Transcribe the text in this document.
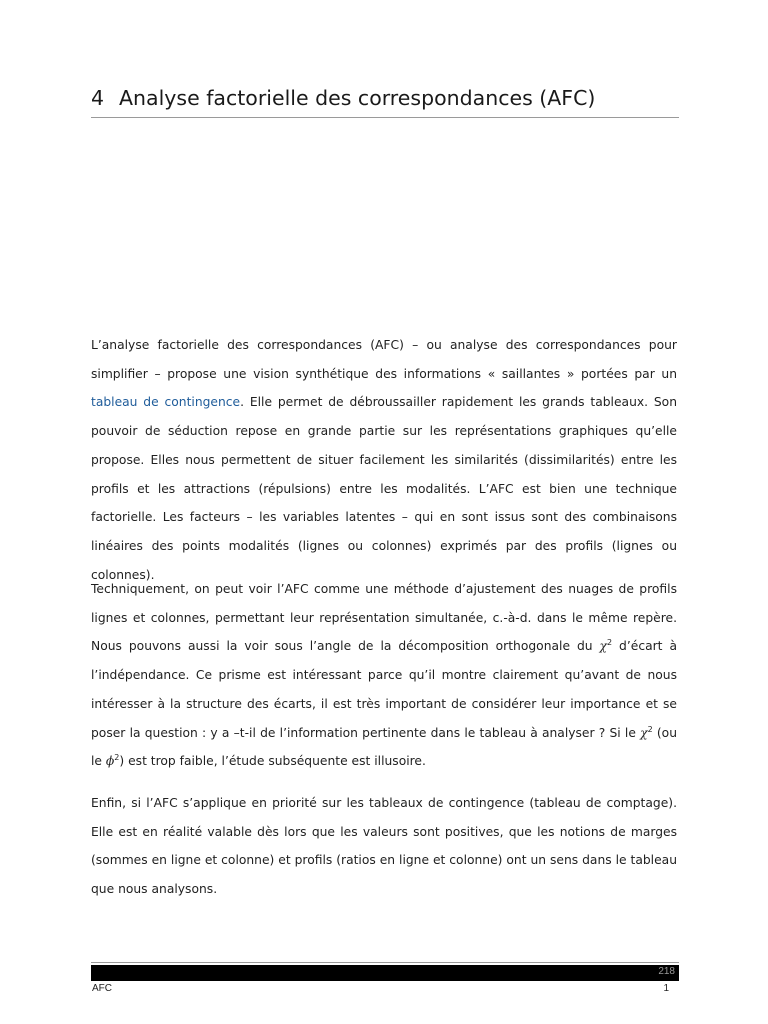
4 Analyse factorielle des correspondances (AFC)

L’analyse factorielle des correspondances (AFC) – ou analyse des correspondances pour simplifier – propose une vision synthétique des informations « saillantes » portées par un tableau de contingence. Elle permet de débroussailler rapidement les grands tableaux. Son pouvoir de séduction repose en grande partie sur les représentations graphiques qu’elle propose. Elles nous permettent de situer facilement les similarités (dissimilarités) entre les profils et les attractions (répulsions) entre les modalités. L’AFC est bien une technique factorielle. Les facteurs – les variables latentes – qui en sont issus sont des combinaisons linéaires des points modalités (lignes ou colonnes) exprimés par des profils (lignes ou colonnes).

Techniquement, on peut voir l’AFC comme une méthode d’ajustement des nuages de profils lignes et colonnes, permettant leur représentation simultanée, c.-à-d. dans le même repère. Nous pouvons aussi la voir sous l’angle de la décomposition orthogonale du $\chi^2$ d’écart à l’indépendance. Ce prisme est intéressant parce qu’il montre clairement qu’avant de nous intéresser à la structure des écarts, il est très important de considérer leur importance et se poser la question : y a –t-il de l’information pertinente dans le tableau à analyser ? Si le $\chi^2$ (ou le $\phi^2$) est trop faible, l’étude subséquente est illusoire.

Enfin, si l’AFC s’applique en priorité sur les tableaux de contingence (tableau de comptage). Elle est en réalité valable dès lors que les valeurs sont positives, que les notions de marges (sommes en ligne et colonne) et profils (ratios en ligne et colonne) ont un sens dans le tableau que nous analysons.

218
AFC	1
